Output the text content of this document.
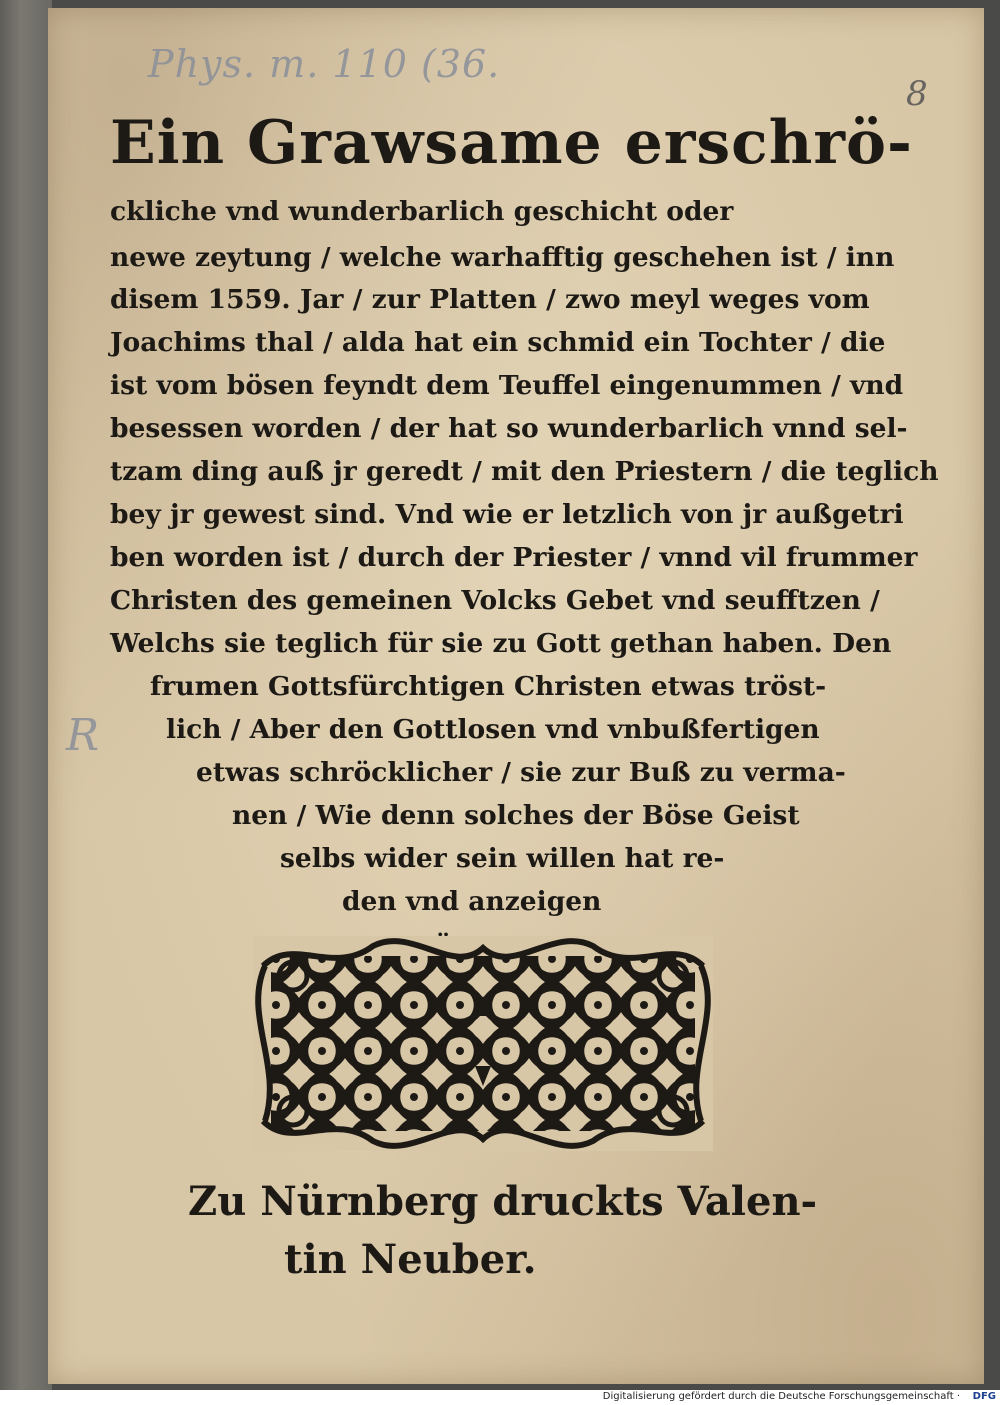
Phys. m. 110 (36.
8
R
Ein Grawsame erschrö-
ckliche vnd wunderbarlich geschicht oder
newe zeytung / welche warhafftig geschehen ist / inn
disem 1559. Jar / zur Platten / zwo meyl weges vom
Joachims thal / alda hat ein schmid ein Tochter / die
ist vom bösen feyndt dem Teuffel eingenummen / vnd
besessen worden / der hat so wunderbarlich vnnd sel-
tzam ding auß jr geredt / mit den Priestern / die teglich
bey jr gewest sind. Vnd wie er letzlich von jr außgetri
ben worden ist / durch der Priester / vnnd vil frummer
Christen des gemeinen Volcks Gebet vnd seufftzen /
Welchs sie teglich für sie zu Gott gethan haben. Den
frumen Gottsfürchtigen Christen etwas tröst-
lich / Aber den Gottlosen vnd vnbußfertigen
etwas schröcklicher / sie zur Buß zu verma-
nen / Wie denn solches der Böse Geist
selbs wider sein willen hat re-
den vnd anzeigen
Zu Nürnberg druckts Valen-
tin Neuber.
Digitalisierung gefördert durch die Deutsche Forschungsgemeinschaft · DFG
